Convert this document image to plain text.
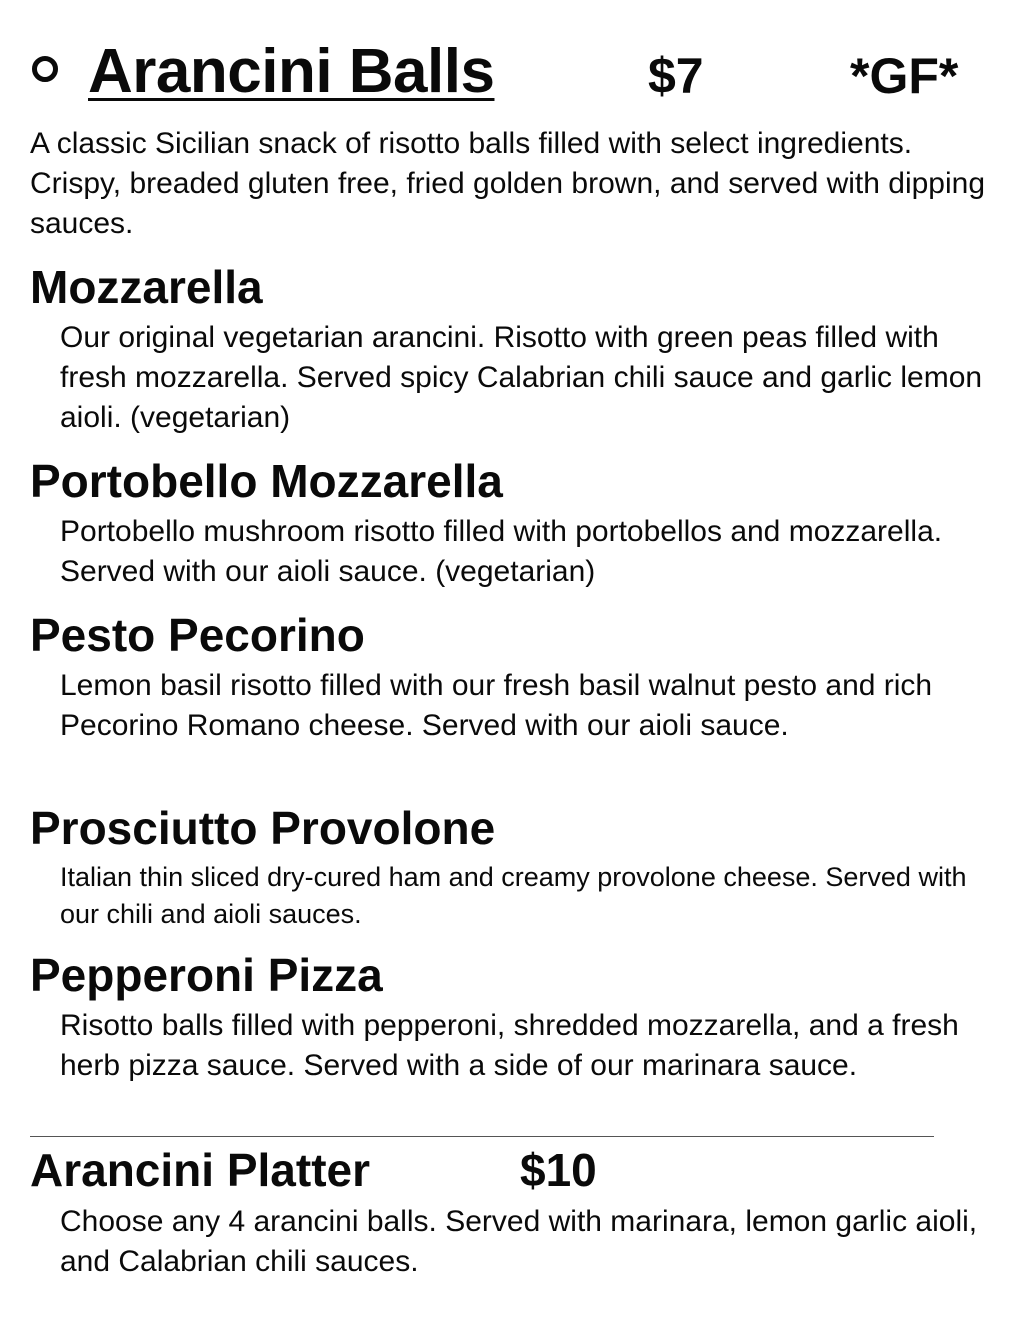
Arancini Balls	$7	*GF*

A classic Sicilian snack of risotto balls filled with select ingredients. Crispy, breaded gluten free, fried golden brown, and served with dipping sauces.

Mozzarella

Our original vegetarian arancini. Risotto with green peas filled with fresh mozzarella. Served spicy Calabrian chili sauce and garlic lemon aioli. (vegetarian)

Portobello Mozzarella

Portobello mushroom risotto filled with portobellos and mozzarella. Served with our aioli sauce. (vegetarian)

Pesto Pecorino

Lemon basil risotto filled with our fresh basil walnut pesto and rich Pecorino Romano cheese. Served with our aioli sauce.

Prosciutto Provolone

Italian thin sliced dry-cured ham and creamy provolone cheese. Served with our chili and aioli sauces.

Pepperoni Pizza

Risotto balls filled with pepperoni, shredded mozzarella, and a fresh herb pizza sauce. Served with a side of our marinara sauce.

Arancini Platter	$10

Choose any 4 arancini balls. Served with marinara, lemon garlic aioli, and Calabrian chili sauces.
